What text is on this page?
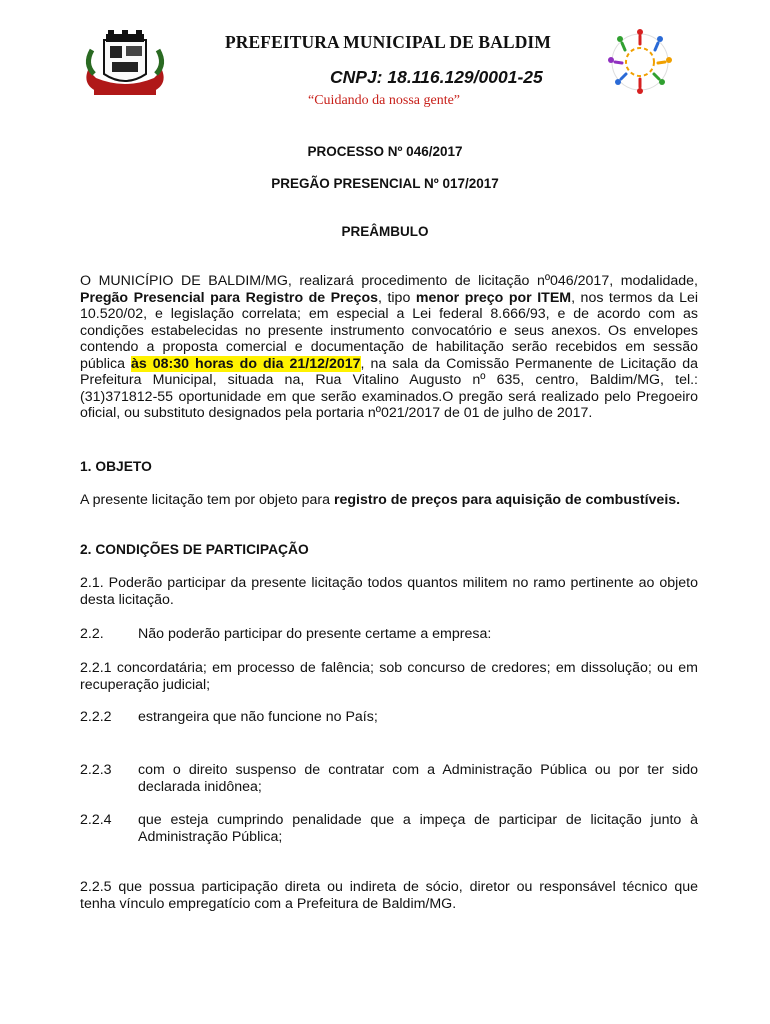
PREFEITURA MUNICIPAL DE BALDIM
CNPJ: 18.116.129/0001-25
“Cuidando da nossa gente”
PROCESSO Nº 046/2017
PREGÃO PRESENCIAL Nº 017/2017
PREÂMBULO
O MUNICÍPIO DE BALDIM/MG, realizará procedimento de licitação nº046/2017, modalidade, Pregão Presencial para Registro de Preços, tipo menor preço por ITEM, nos termos da Lei 10.520/02, e legislação correlata; em especial a Lei federal 8.666/93, e de acordo com as condições estabelecidas no presente instrumento convocatório e seus anexos. Os envelopes contendo a proposta comercial e documentação de habilitação serão recebidos em sessão pública às 08:30 horas do dia 21/12/2017, na sala da Comissão Permanente de Licitação da Prefeitura Municipal, situada na, Rua Vitalino Augusto nº 635, centro, Baldim/MG, tel.: (31)371812-55 oportunidade em que serão examinados.O pregão será realizado pelo Pregoeiro oficial, ou substituto designados pela portaria nº021/2017 de 01 de julho de 2017.
1. OBJETO
A presente licitação tem por objeto para registro de preços para aquisição de combustíveis.
2. CONDIÇÕES DE PARTICIPAÇÃO
2.1. Poderão participar da presente licitação todos quantos militem no ramo pertinente ao objeto desta licitação.
2.2. Não poderão participar do presente certame a empresa:
2.2.1 concordatária; em processo de falência; sob concurso de credores; em dissolução; ou em recuperação judicial;
2.2.2 estrangeira que não funcione no País;
2.2.3 com o direito suspenso de contratar com a Administração Pública ou por ter sido declarada inidônea;
2.2.4 que esteja cumprindo penalidade que a impeça de participar de licitação junto à Administração Pública;
2.2.5 que possua participação direta ou indireta de sócio, diretor ou responsável técnico que tenha vínculo empregatício com a Prefeitura de Baldim/MG.
